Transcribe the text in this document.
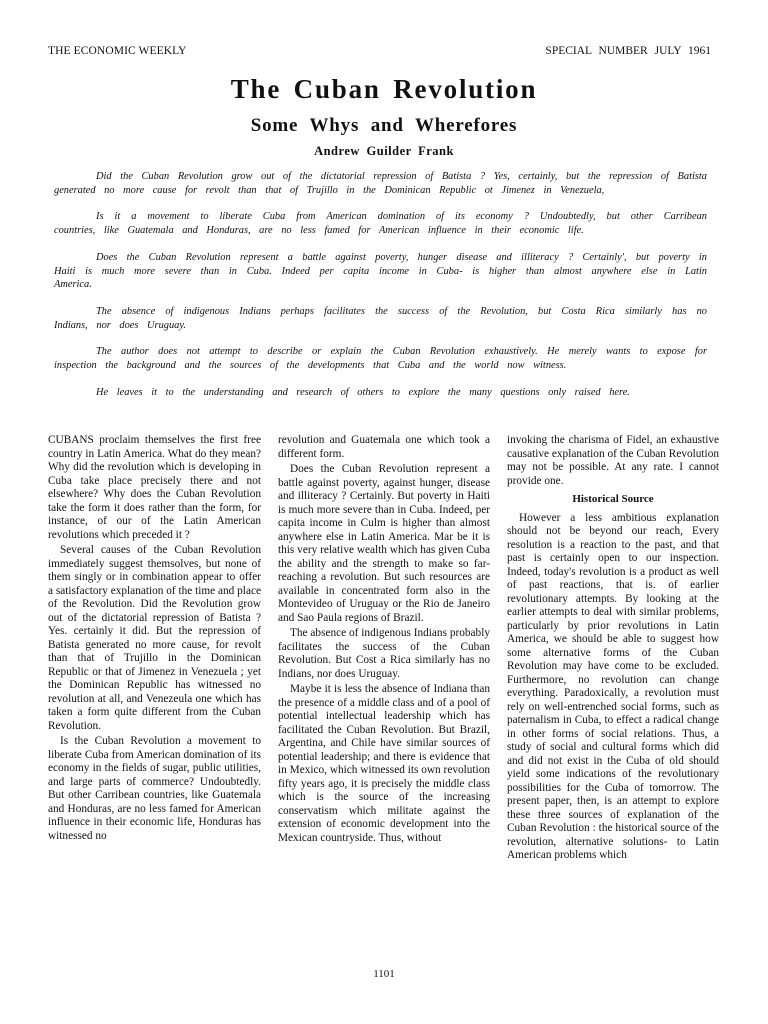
THE ECONOMIC WEEKLY	SPECIAL NUMBER JULY 1961
The Cuban Revolution
Some Whys and Wherefores
Andrew Guilder Frank

Did the Cuban Revolution grow out of the dictatorial repression of Batista ? Yes, certainly, but the repression of Batista generated no more cause for revolt than that of Trujillo in the Dominican Republic ot Jimenez in Venezuela,

Is it a movement to liberate Cuba from American domination of its economy ? Undoubtedly, but other Carribean countries, like Guatemala and Honduras, are no less famed for American influence in their economic life.

Does the Cuban Revolution represent a battle against poverty, hunger disease and illiteracy ? Certainly', but poverty in Haiti is much more severe than in Cuba. Indeed per capita income in Cuba- is higher than almost anywhere else in Latin America.

The absence of indigenous Indians perhaps facilitates the success of the Revolution, but Costa Rica similarly has no Indians, nor does Uruguay.

The author does not attempt to describe or explain the Cuban Revolution exhaustively. He merely wants to expose for inspection the background and the sources of the developments that Cuba and the world now witness.

He leaves it to the understanding and research of others to explore the many questions only raised here.

CUBANS proclaim themselves the first free country in Latin America. What do they mean? Why did the revolution which is developing in Cuba take place precisely there and not elsewhere? Why does the Cuban Revolution take the form it does rather than the form, for instance, of our of the Latin American revolutions which preceded it ?

Several causes of the Cuban Revolution immediately suggest themsolves, but none of them singly or in combination appear to offer a satisfactory explanation of the time and place of the Revolution. Did the Revolution grow out of the dictatorial repression of Batista ? Yes. certainly it did. But the repression of Batista generated no more cause, for revolt than that of Trujillo in the Dominican Republic or that of Jimenez in Venezuela ; yet the Dominican Republic has witnessed no revolution at all, and Venezeula one which has taken a form quite different from the Cuban Revolution.

Is the Cuban Revolution a movement to liberate Cuba from American domination of its economy in the fields of sugar, public utilities, and large parts of commerce? Undoubtedly. But other Carribean countries, like Guatemala and Honduras, are no less famed for American influence in their economic life, Honduras has witnessed no

revolution and Guatemala one which took a different form.

Does the Cuban Revolution represent a battle against poverty, against hunger, disease and illiteracy ? Certainly. But poverty in Haiti is much more severe than in Cuba. Indeed, per capita income in Culm is higher than almost anywhere else in Latin America. Mar be it is this very relative wealth which has given Cuba the ability and the strength to make so far-reaching a revolution. But such resources are available in concentrated form also in the Montevideo of Uruguay or the Rio de Janeiro and Sao Paula regions of Brazil.

The absence of indigenous Indians probably facilitates the success of the Cuban Revolution. But Cost a Rica similarly has no Indians, nor does Uruguay.

Maybe it is less the absence of Indiana than the presence of a middle class and of a pool of potential intellectual leadership which has facilitated the Cuban Revolution. But Brazil, Argentina, and Chile have similar sources of potential leadership; and there is evidence that in Mexico, which witnessed its own revolution fifty years ago, it is precisely the middle class which is the source of the increasing conservatism which militate against the extension of economic development into the Mexican countryside. Thus, without

invoking the charisma of Fidel, an exhaustive causative explanation of the Cuban Revolution may not be possible. At any rate. I cannot provide one.

Historical Source

However a less ambitious explanation should not be beyond our reach, Every resolution is a reaction to the past, and that past is certainly open to our inspection. Indeed, today's revolution is a product as well of past reactions, that is. of earlier revolutionary attempts. By looking at the earlier attempts to deal with similar problems, particularly by prior revolutions in Latin America, we should be able to suggest how some alternative forms of the Cuban Revolution may have come to be excluded. Furthermore, no revolution can change everything. Paradoxically, a revolution must rely on well-entrenched social forms, such as paternalism in Cuba, to effect a radical change in other forms of social relations. Thus, a study of social and cultural forms which did and did not exist in the Cuba of old should yield some indications of the revolutionary possibilities for the Cuba of tomorrow. The present paper, then, is an attempt to explore these three sources of explanation of the Cuban Revolution : the historical source of the revolution, alternative solutions- to Latin American problems which

1101
